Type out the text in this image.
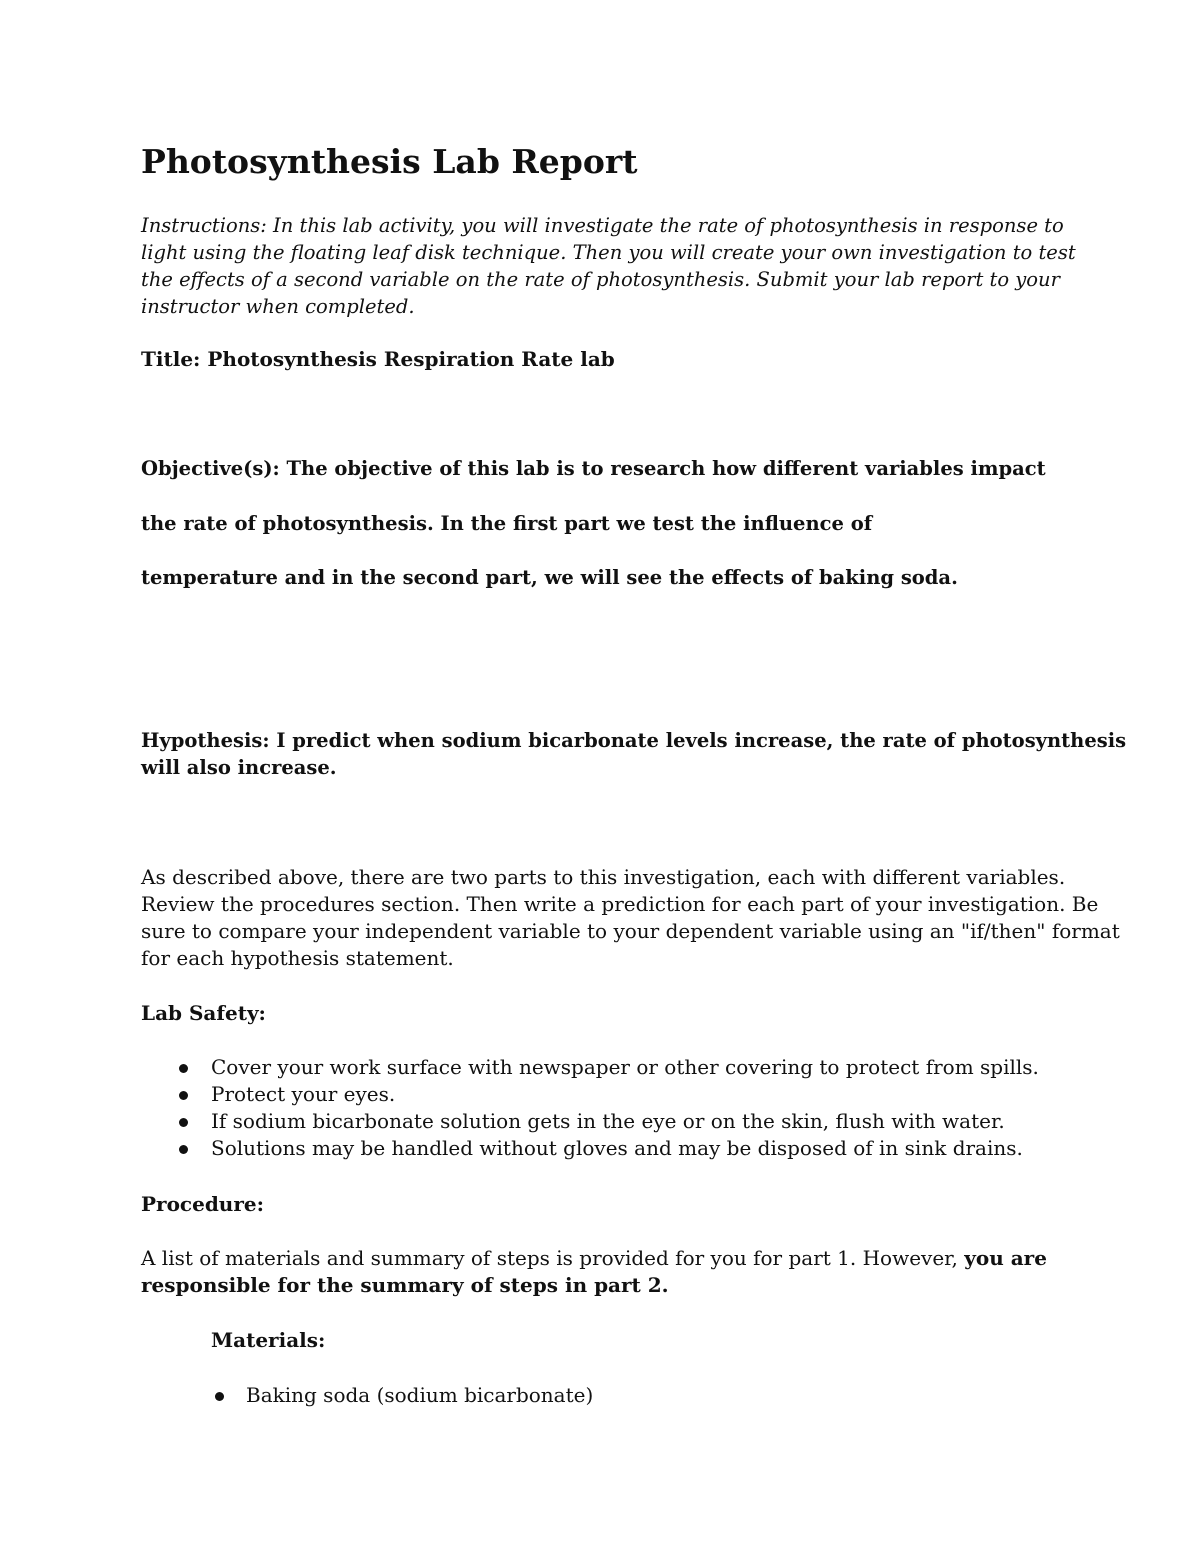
Photosynthesis Lab Report
Instructions: In this lab activity, you will investigate the rate of photosynthesis in response to
light using the floating leaf disk technique. Then you will create your own investigation to test
the effects of a second variable on the rate of photosynthesis. Submit your lab report to your
instructor when completed.
Title: Photosynthesis Respiration Rate lab
Objective(s): The objective of this lab is to research how different variables impact
the rate of photosynthesis. In the first part we test the influence of
temperature and in the second part, we will see the effects of baking soda.
Hypothesis: I predict when sodium bicarbonate levels increase, the rate of photosynthesis
will also increase.
As described above, there are two parts to this investigation, each with different variables.
Review the procedures section. Then write a prediction for each part of your investigation. Be
sure to compare your independent variable to your dependent variable using an "if/then" format
for each hypothesis statement.
Lab Safety:
Cover your work surface with newspaper or other covering to protect from spills.
Protect your eyes.
If sodium bicarbonate solution gets in the eye or on the skin, flush with water.
Solutions may be handled without gloves and may be disposed of in sink drains.
Procedure:
A list of materials and summary of steps is provided for you for part 1. However, you are
responsible for the summary of steps in part 2.
Materials:
Baking soda (sodium bicarbonate)
